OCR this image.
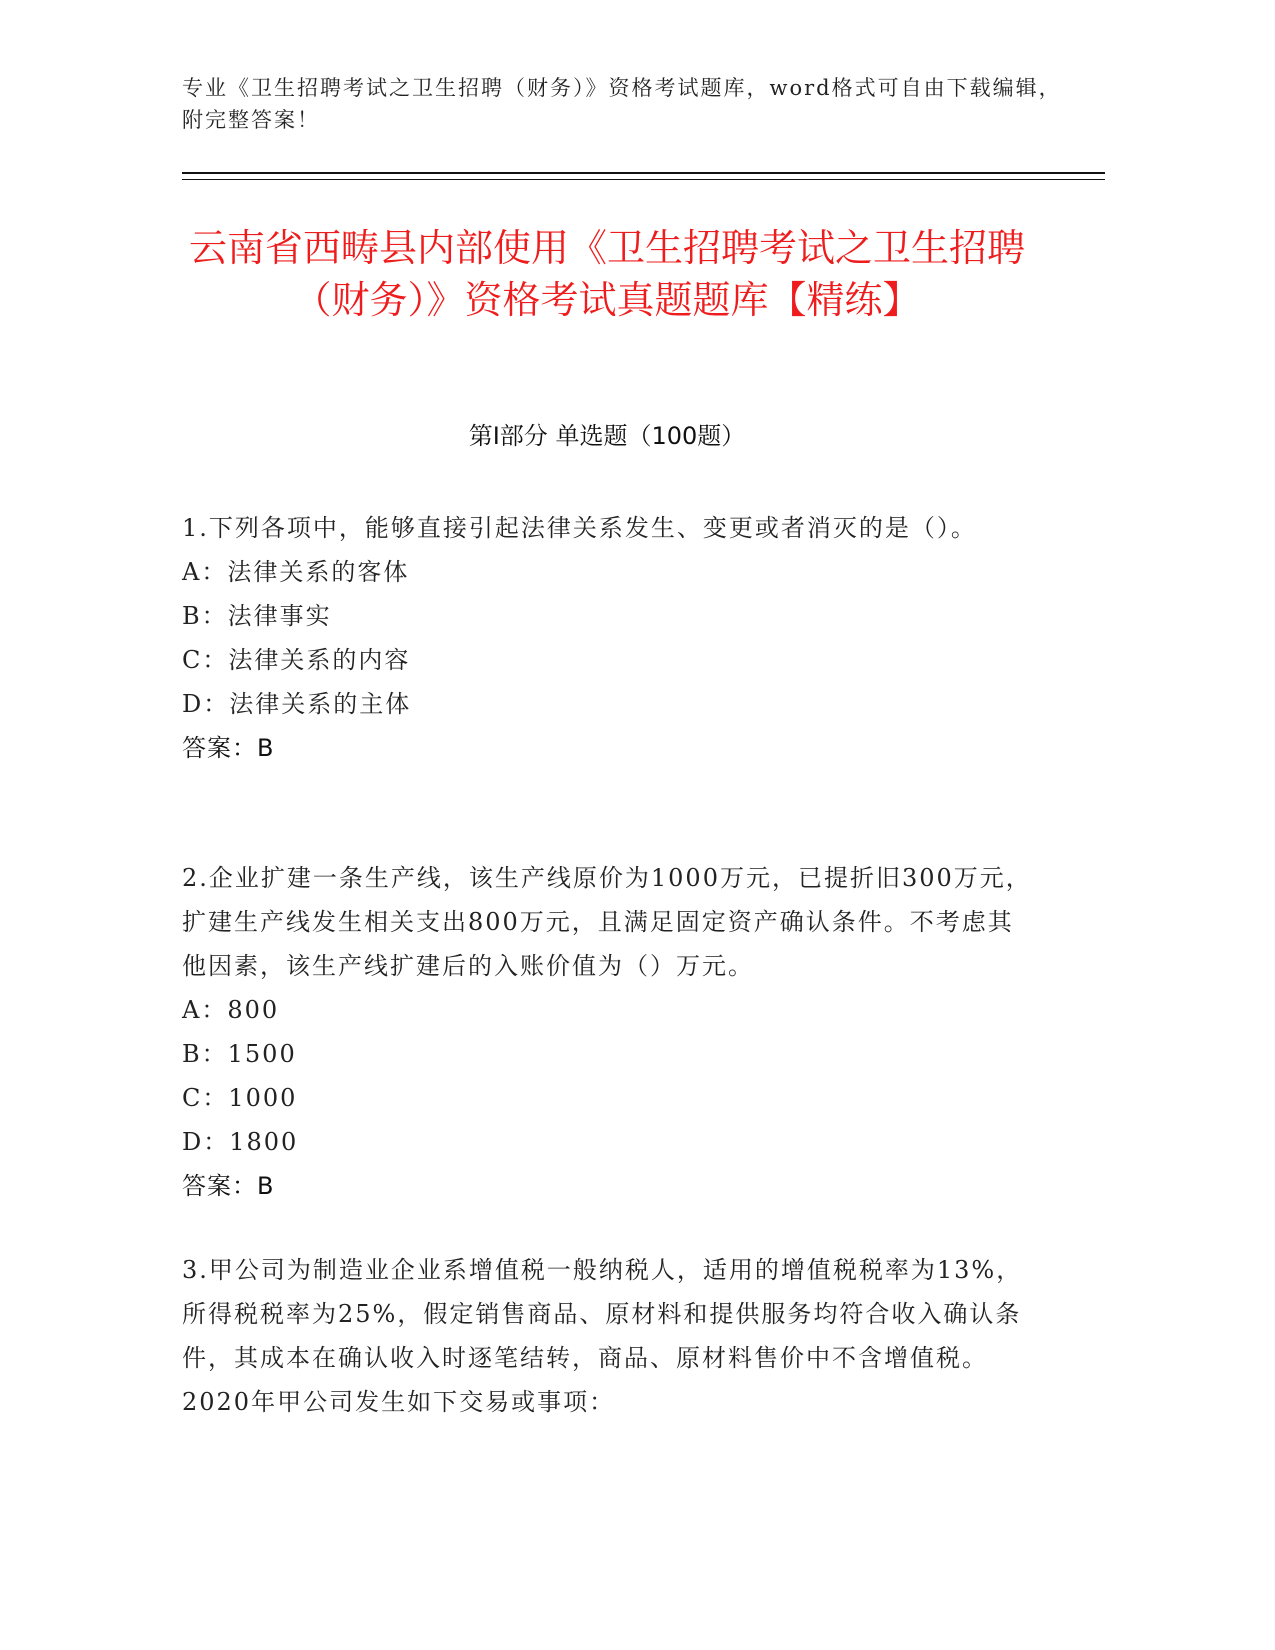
专业《卫生招聘考试之卫生招聘（财务）》资格考试题库，word格式可自由下载编辑，附完整答案！
云南省西畴县内部使用《卫生招聘考试之卫生招聘（财务）》资格考试真题题库【精练】
第I部分 单选题（100题）
1.下列各项中，能够直接引起法律关系发生、变更或者消灭的是（）。
A：法律关系的客体
B：法律事实
C：法律关系的内容
D：法律关系的主体
答案：B
2.企业扩建一条生产线，该生产线原价为1000万元，已提折旧300万元，扩建生产线发生相关支出800万元，且满足固定资产确认条件。不考虑其他因素，该生产线扩建后的入账价值为（）万元。
A：800
B：1500
C：1000
D：1800
答案：B
3.甲公司为制造业企业系增值税一般纳税人，适用的增值税税率为13%，所得税税率为25%，假定销售商品、原材料和提供服务均符合收入确认条件，其成本在确认收入时逐笔结转，商品、原材料售价中不含增值税。2020年甲公司发生如下交易或事项：
